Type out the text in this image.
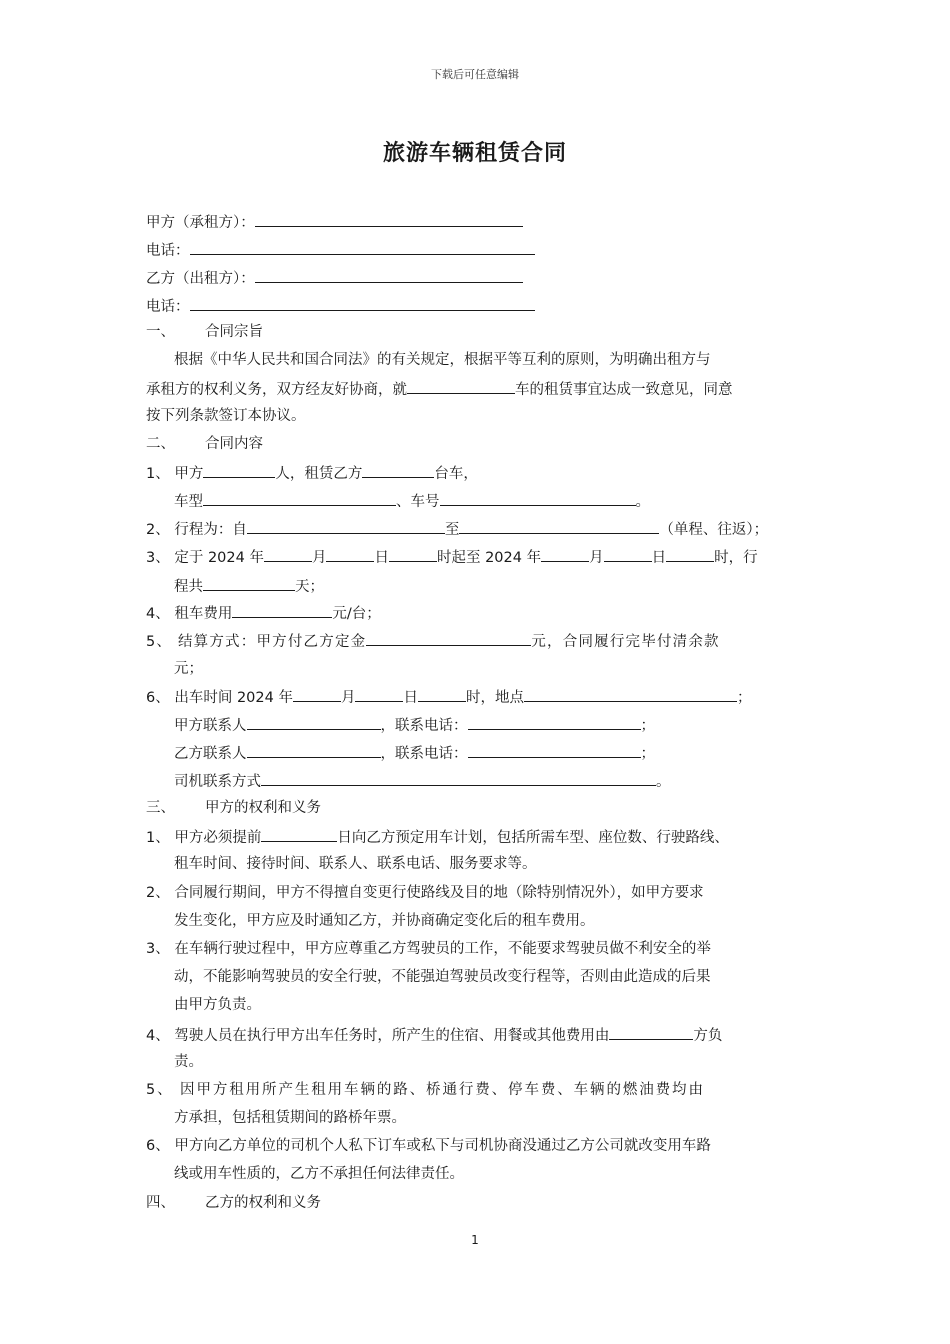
下载后可任意编辑
旅游车辆租赁合同
甲方（承租方）：
电话：
乙方（出租方）：
电话：
一、 合同宗旨
根据《中华人民共和国合同法》的有关规定，根据平等互利的原则，为明确出租方与
承租方的权利义务，双方经友好协商，就	车的租赁事宜达成一致意见，同意
按下列条款签订本协议。
二、 合同内容
1、 甲方	人，租赁乙方	台车，
车型	、车号	。
2、 行程为：自	至	（单程、往返）；
3、 定于 2024 年	月	日	时起至 2024 年	月	日	时，行
程共	天；
4、 租车费用	元/台；
5、 结算方式：甲方付乙方定金	元，合同履行完毕付清余款
元；
6、 出车时间 2024 年	月	日	时，地点	；
甲方联系人	，联系电话：	；
乙方联系人	，联系电话：	；
司机联系方式	。
三、 甲方的权利和义务
1、 甲方必须提前	日向乙方预定用车计划，包括所需车型、座位数、行驶路线、
租车时间、接待时间、联系人、联系电话、服务要求等。
2、 合同履行期间，甲方不得擅自变更行使路线及目的地（除特别情况外），如甲方要求
发生变化，甲方应及时通知乙方，并协商确定变化后的租车费用。
3、 在车辆行驶过程中，甲方应尊重乙方驾驶员的工作，不能要求驾驶员做不利安全的举
动，不能影响驾驶员的安全行驶，不能强迫驾驶员改变行程等，否则由此造成的后果
由甲方负责。
4、 驾驶人员在执行甲方出车任务时，所产生的住宿、用餐或其他费用由	方负
责。
5、 因甲方租用所产生租用车辆的路、桥通行费、停车费、车辆的燃油费均由
方承担，包括租赁期间的路桥年票。
6、 甲方向乙方单位的司机个人私下订车或私下与司机协商没通过乙方公司就改变用车路
线或用车性质的，乙方不承担任何法律责任。
四、 乙方的权利和义务
1
